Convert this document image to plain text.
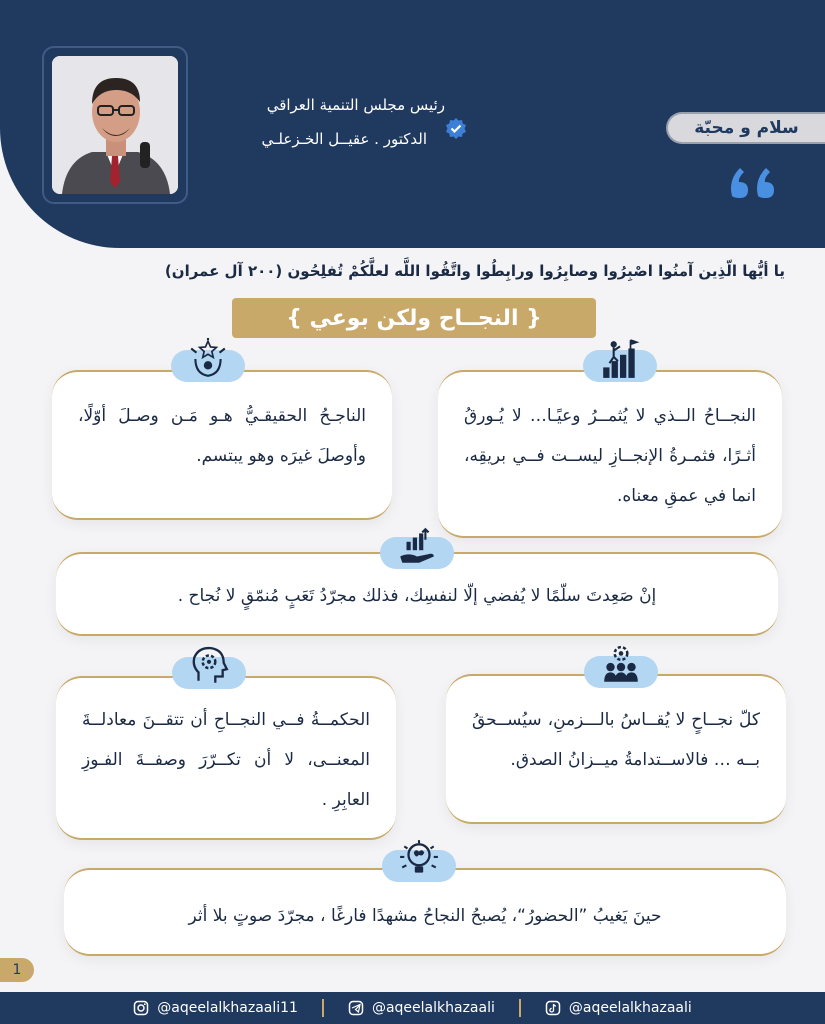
رئيس مجلس التنمية العراقي
الدكتور . عقيــل الخـزعلـي
سلام و محبّة
يا أيُّها الّذِين آمنُوا اصْبِرُوا وصابِرُوا ورابِطُوا واتَّقُوا اللَّه لعلَّكُمْ تُفلِحُون (٢٠٠ آل عمران)
{ النجــاح ولكن بوعي }
النجــاحُ الــذي لا يُثمــرُ وعيًـا… لا يُـورقُ أثـرًا، فثمـرةُ الإنجــازِ ليســت فــي بريقِه، انما في عمقِ معناه.
الناجـحُ الحقيقـيُّ هـو مَـن وصـلَ أوّلًا، وأوصلَ غيرَه وهو يبتسم.
إنْ صَعِدتَ سلّمًا لا يُفضي إلّا لنفسِك، فذلك مجرّدُ تَعَبٍ مُنمّقٍ لا نُجاح .
كلّ نجــاحٍ لا يُقــاسُ بالـــزمنِ، سيُســحقُ بــه … فالاســتدامةُ ميــزانُ الصدق.
الحكمــةُ فــي النجــاحِ أن تتقــنَ معادلــةَ المعنــى، لا أن تكــرّرَ وصفــةَ الفـوزِ العابِرِ .
حينَ يَغيبُ ”الحضورُ“، يُصبحُ النجاحُ مشهدًا فارغًا ، مجرّدَ صوتٍ بلا أثر
1
@aqeelalkhazaali11	@aqeelalkhazaali	@aqeelalkhazaali
